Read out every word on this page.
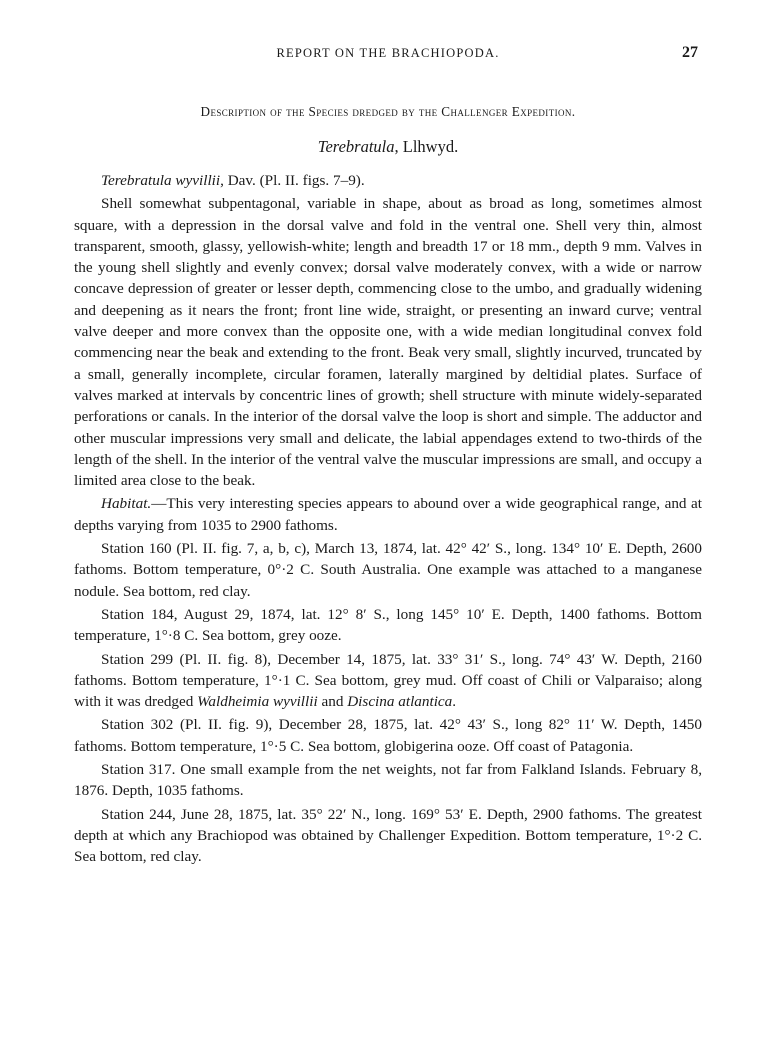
REPORT ON THE BRACHIOPODA.	27
Description of the Species dredged by the Challenger Expedition.
Terebratula, Llhwyd.

Terebratula wyvillii, Dav. (Pl. II. figs. 7–9).

Shell somewhat subpentagonal, variable in shape, about as broad as long, sometimes almost square, with a depression in the dorsal valve and fold in the ventral one. Shell very thin, almost transparent, smooth, glassy, yellowish-white; length and breadth 17 or 18 mm., depth 9 mm. Valves in the young shell slightly and evenly convex; dorsal valve moderately convex, with a wide or narrow concave depression of greater or lesser depth, commencing close to the umbo, and gradually widening and deepening as it nears the front; front line wide, straight, or presenting an inward curve; ventral valve deeper and more convex than the opposite one, with a wide median longitudinal convex fold commencing near the beak and extending to the front. Beak very small, slightly incurved, truncated by a small, generally incomplete, circular foramen, laterally margined by deltidial plates. Surface of valves marked at intervals by concentric lines of growth; shell structure with minute widely-separated perforations or canals. In the interior of the dorsal valve the loop is short and simple. The adductor and other muscular impressions very small and delicate, the labial appendages extend to two-thirds of the length of the shell. In the interior of the ventral valve the muscular impressions are small, and occupy a limited area close to the beak.

Habitat.—This very interesting species appears to abound over a wide geographical range, and at depths varying from 1035 to 2900 fathoms.

Station 160 (Pl. II. fig. 7, a, b, c), March 13, 1874, lat. 42° 42′ S., long. 134° 10′ E. Depth, 2600 fathoms. Bottom temperature, 0°·2 C. South Australia. One example was attached to a manganese nodule. Sea bottom, red clay.

Station 184, August 29, 1874, lat. 12° 8′ S., long 145° 10′ E. Depth, 1400 fathoms. Bottom temperature, 1°·8 C. Sea bottom, grey ooze.

Station 299 (Pl. II. fig. 8), December 14, 1875, lat. 33° 31′ S., long. 74° 43′ W. Depth, 2160 fathoms. Bottom temperature, 1°·1 C. Sea bottom, grey mud. Off coast of Chili or Valparaiso; along with it was dredged Waldheimia wyvillii and Discina atlantica.

Station 302 (Pl. II. fig. 9), December 28, 1875, lat. 42° 43′ S., long 82° 11′ W. Depth, 1450 fathoms. Bottom temperature, 1°·5 C. Sea bottom, globigerina ooze. Off coast of Patagonia.

Station 317. One small example from the net weights, not far from Falkland Islands. February 8, 1876. Depth, 1035 fathoms.

Station 244, June 28, 1875, lat. 35° 22′ N., long. 169° 53′ E. Depth, 2900 fathoms. The greatest depth at which any Brachiopod was obtained by Challenger Expedition. Bottom temperature, 1°·2 C. Sea bottom, red clay.
